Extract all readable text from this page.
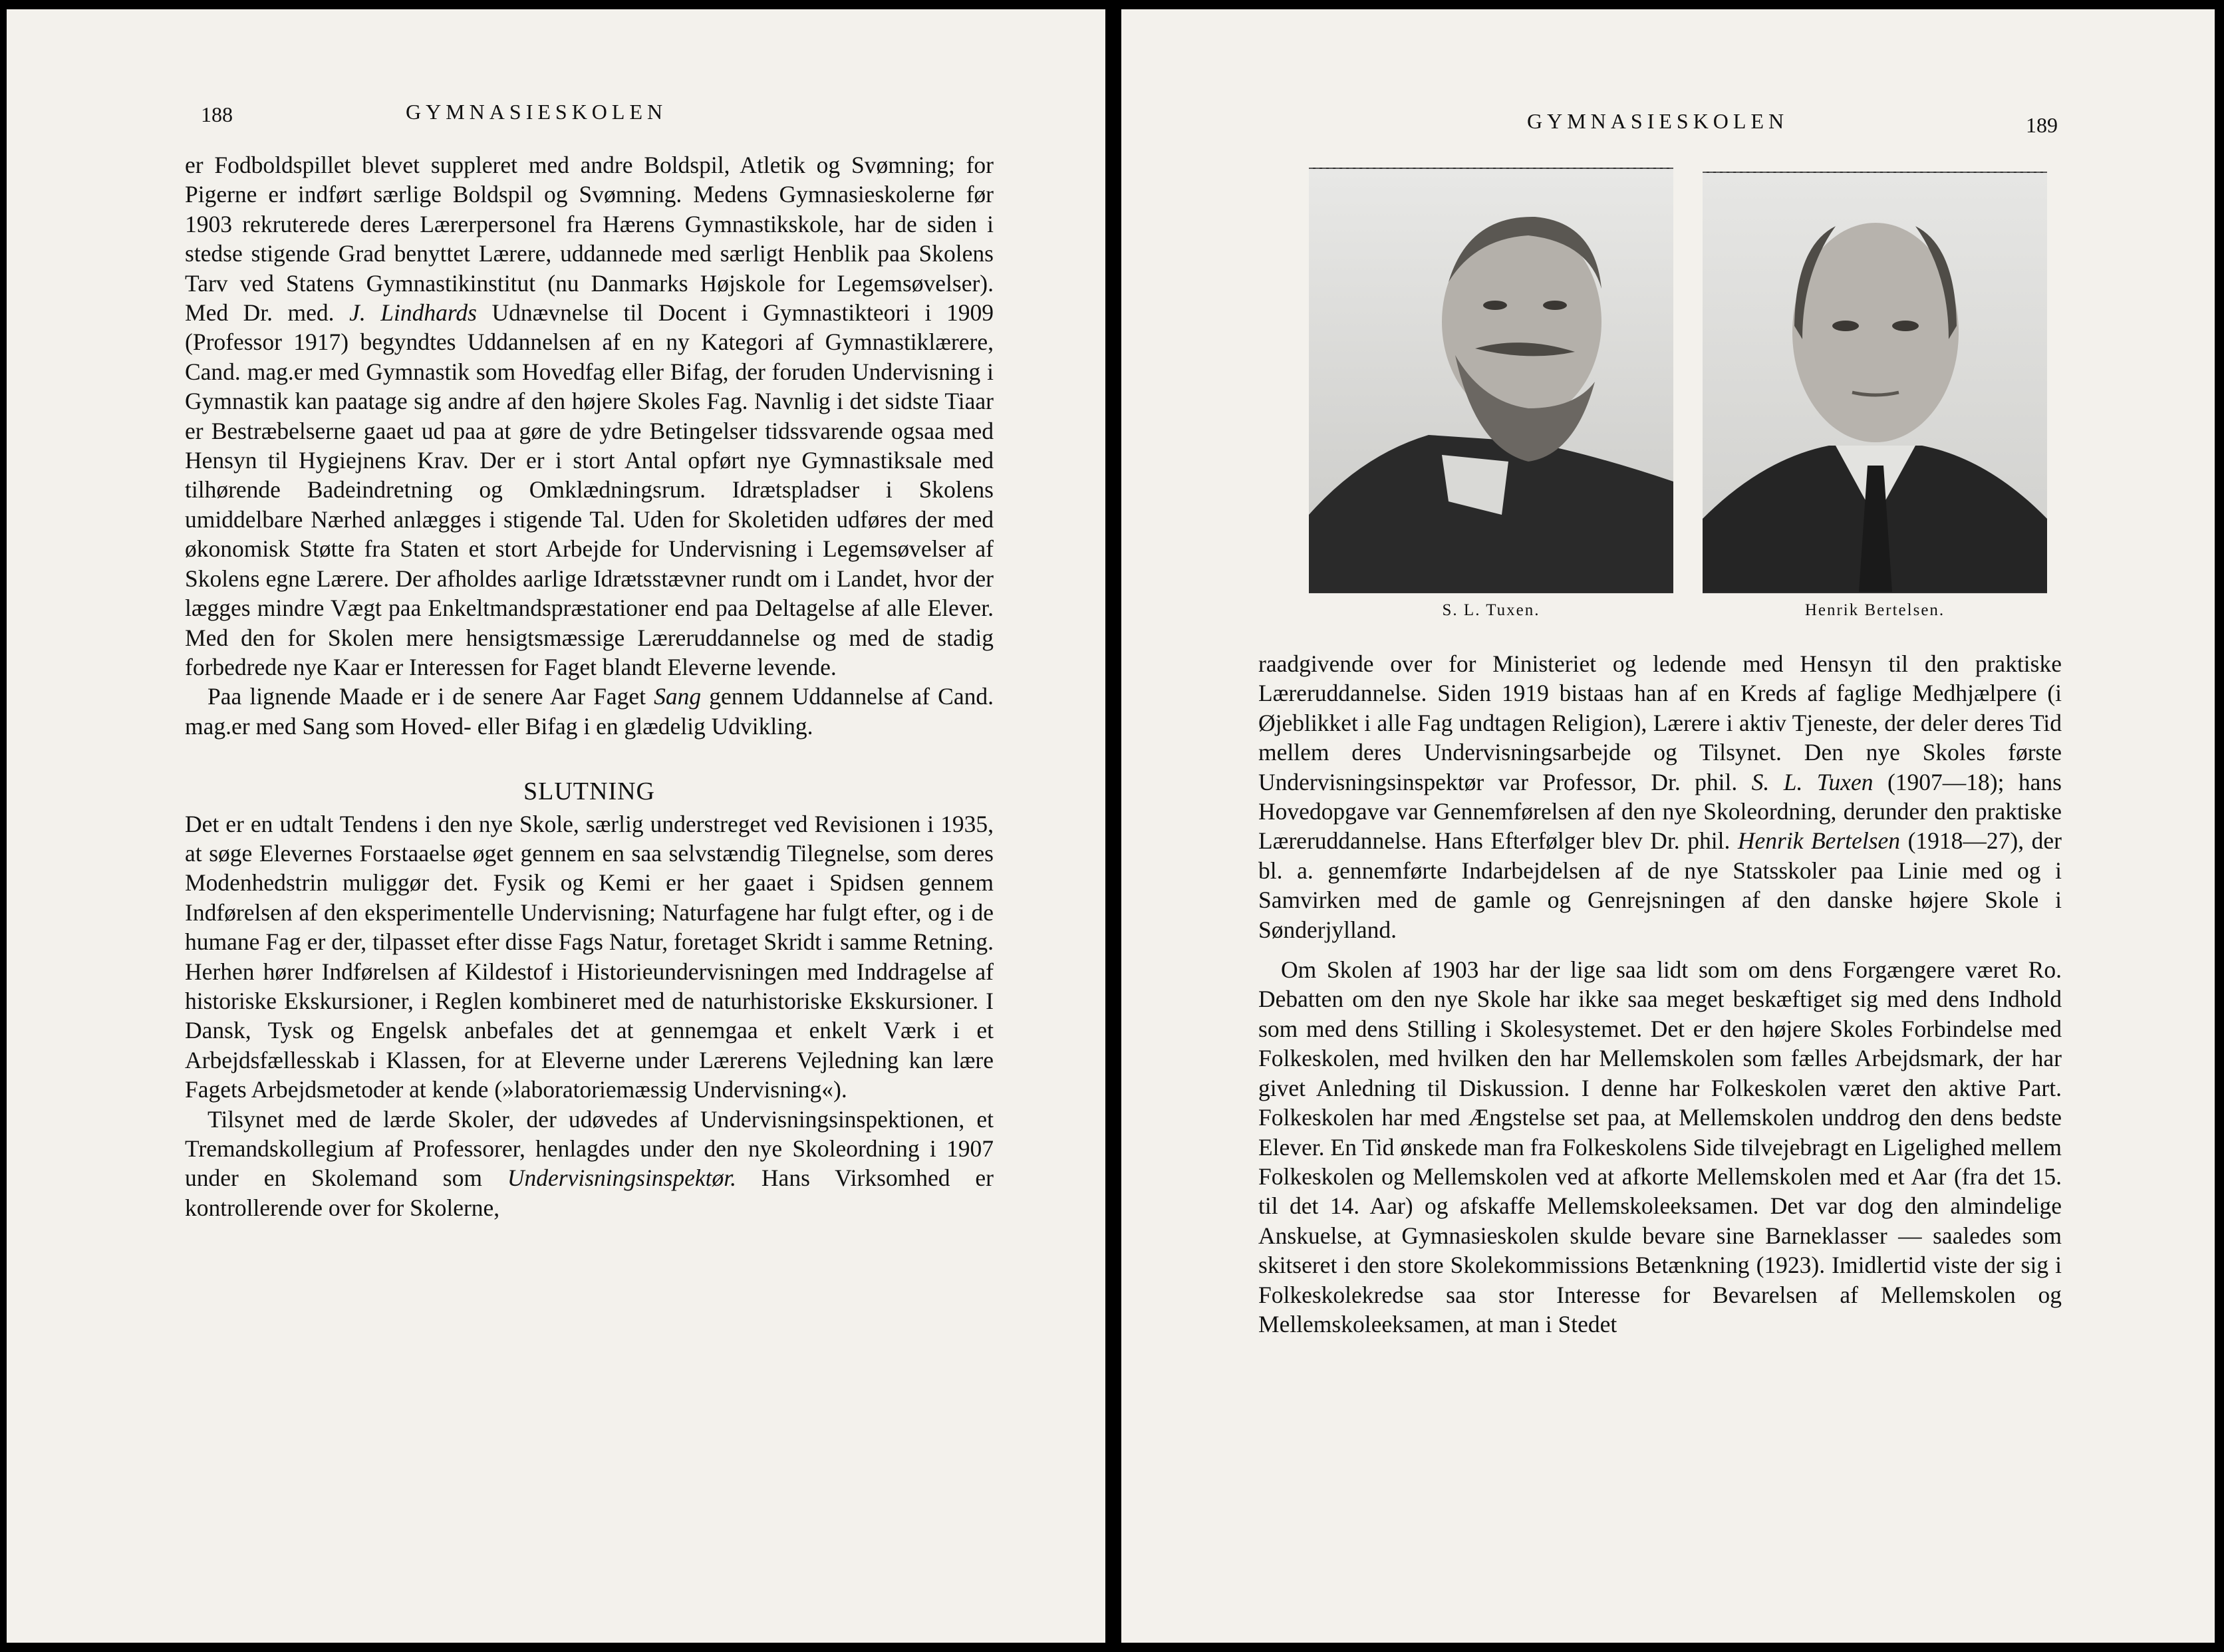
188	GYMNASIESKOLEN

er Fodboldspillet blevet suppleret med andre Boldspil, Atletik og Svømning; for Pigerne er indført særlige Boldspil og Svømning. Medens Gymnasieskolerne før 1903 rekruterede deres Lærerpersonel fra Hærens Gymnastikskole, har de siden i stedse stigende Grad benyttet Lærere, uddannede med særligt Henblik paa Skolens Tarv ved Statens Gymnastikinstitut (nu Danmarks Højskole for Legemsøvelser). Med Dr. med. J. Lindhards Udnævnelse til Docent i Gymnastikteori i 1909 (Professor 1917) begyndtes Uddannelsen af en ny Kategori af Gymnastiklærere, Cand. mag.er med Gymnastik som Hovedfag eller Bifag, der foruden Undervisning i Gymnastik kan paatage sig andre af den højere Skoles Fag. Navnlig i det sidste Tiaar er Bestræbelserne gaaet ud paa at gøre de ydre Betingelser tidssvarende ogsaa med Hensyn til Hygiejnens Krav. Der er i stort Antal opført nye Gymnastiksale med tilhørende Badeindretning og Omklædningsrum. Idrætspladser i Skolens umiddelbare Nærhed anlægges i stigende Tal. Uden for Skoletiden udføres der med økonomisk Støtte fra Staten et stort Arbejde for Undervisning i Legemsøvelser af Skolens egne Lærere. Der afholdes aarlige Idrætsstævner rundt om i Landet, hvor der lægges mindre Vægt paa Enkeltmandspræstationer end paa Deltagelse af alle Elever. Med den for Skolen mere hensigtsmæssige Læreruddannelse og med de stadig forbedrede nye Kaar er Interessen for Faget blandt Eleverne levende.

Paa lignende Maade er i de senere Aar Faget Sang gennem Uddannelse af Cand. mag.er med Sang som Hoved- eller Bifag i en glædelig Udvikling.

SLUTNING

Det er en udtalt Tendens i den nye Skole, særlig understreget ved Revisionen i 1935, at søge Elevernes Forstaaelse øget gennem en saa selvstændig Tilegnelse, som deres Modenhedstrin muliggør det. Fysik og Kemi er her gaaet i Spidsen gennem Indførelsen af den eksperimentelle Undervisning; Naturfagene har fulgt efter, og i de humane Fag er der, tilpasset efter disse Fags Natur, foretaget Skridt i samme Retning. Herhen hører Indførelsen af Kildestof i Historieundervisningen med Inddragelse af historiske Ekskursioner, i Reglen kombineret med de naturhistoriske Ekskursioner. I Dansk, Tysk og Engelsk anbefales det at gennemgaa et enkelt Værk i et Arbejdsfællesskab i Klassen, for at Eleverne under Lærerens Vejledning kan lære Fagets Arbejdsmetoder at kende (»laboratoriemæssig Undervisning«).

Tilsynet med de lærde Skoler, der udøvedes af Undervisningsinspektionen, et Tremandskollegium af Professorer, henlagdes under den nye Skoleordning i 1907 under en Skolemand som Undervisningsinspektør. Hans Virksomhed er kontrollerende over for Skolerne,

GYMNASIESKOLEN	189
S. L. Tuxen.	Henrik Bertelsen.

raadgivende over for Ministeriet og ledende med Hensyn til den praktiske Læreruddannelse. Siden 1919 bistaas han af en Kreds af faglige Medhjælpere (i Øjeblikket i alle Fag undtagen Religion), Lærere i aktiv Tjeneste, der deler deres Tid mellem deres Undervisningsarbejde og Tilsynet. Den nye Skoles første Undervisningsinspektør var Professor, Dr. phil. S. L. Tuxen (1907—18); hans Hovedopgave var Gennemførelsen af den nye Skoleordning, derunder den praktiske Læreruddannelse. Hans Efterfølger blev Dr. phil. Henrik Bertelsen (1918—27), der bl. a. gennemførte Indarbejdelsen af de nye Statsskoler paa Linie med og i Samvirken med de gamle og Genrejsningen af den danske højere Skole i Sønderjylland.

Om Skolen af 1903 har der lige saa lidt som om dens Forgængere været Ro. Debatten om den nye Skole har ikke saa meget beskæftiget sig med dens Indhold som med dens Stilling i Skolesystemet. Det er den højere Skoles Forbindelse med Folkeskolen, med hvilken den har Mellemskolen som fælles Arbejdsmark, der har givet Anledning til Diskussion. I denne har Folkeskolen været den aktive Part. Folkeskolen har med Ængstelse set paa, at Mellemskolen unddrog den dens bedste Elever. En Tid ønskede man fra Folkeskolens Side tilvejebragt en Ligelighed mellem Folkeskolen og Mellemskolen ved at afkorte Mellemskolen med et Aar (fra det 15. til det 14. Aar) og afskaffe Mellemskoleeksamen. Det var dog den almindelige Anskuelse, at Gymnasieskolen skulde bevare sine Barneklasser — saaledes som skitseret i den store Skolekommissions Betænkning (1923). Imidlertid viste der sig i Folkeskolekredse saa stor Interesse for Bevarelsen af Mellemskolen og Mellemskoleeksamen, at man i Stedet
